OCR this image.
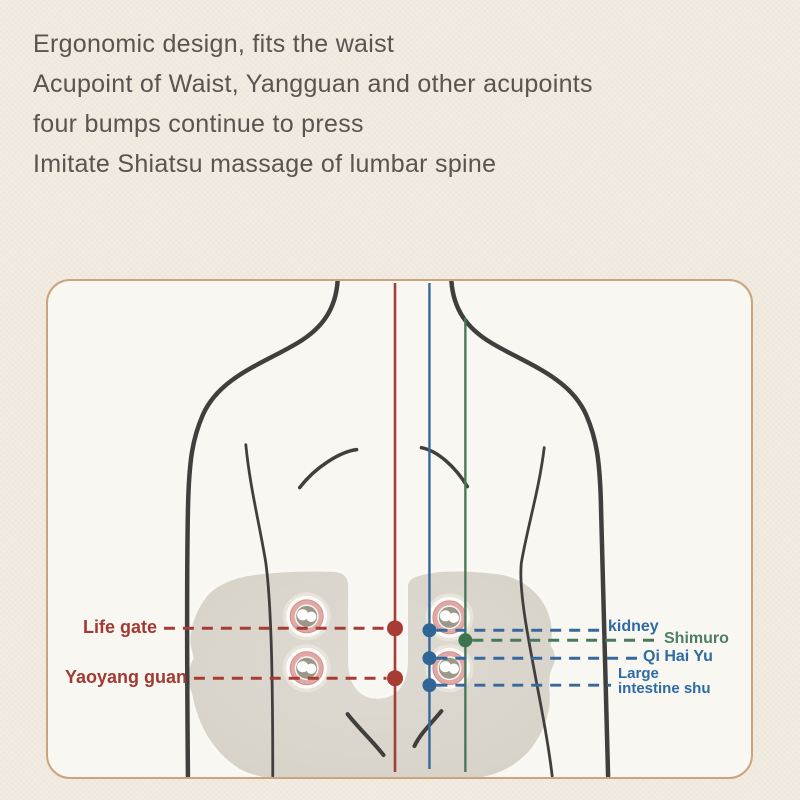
Ergonomic design, fits the waist
Acupoint of Waist, Yangguan and other acupoints
four bumps continue to press
Imitate Shiatsu massage of lumbar spine
Life gate
Yaoyang guan
kidney
Shimuro
Qi Hai Yu
Large intestine shu
